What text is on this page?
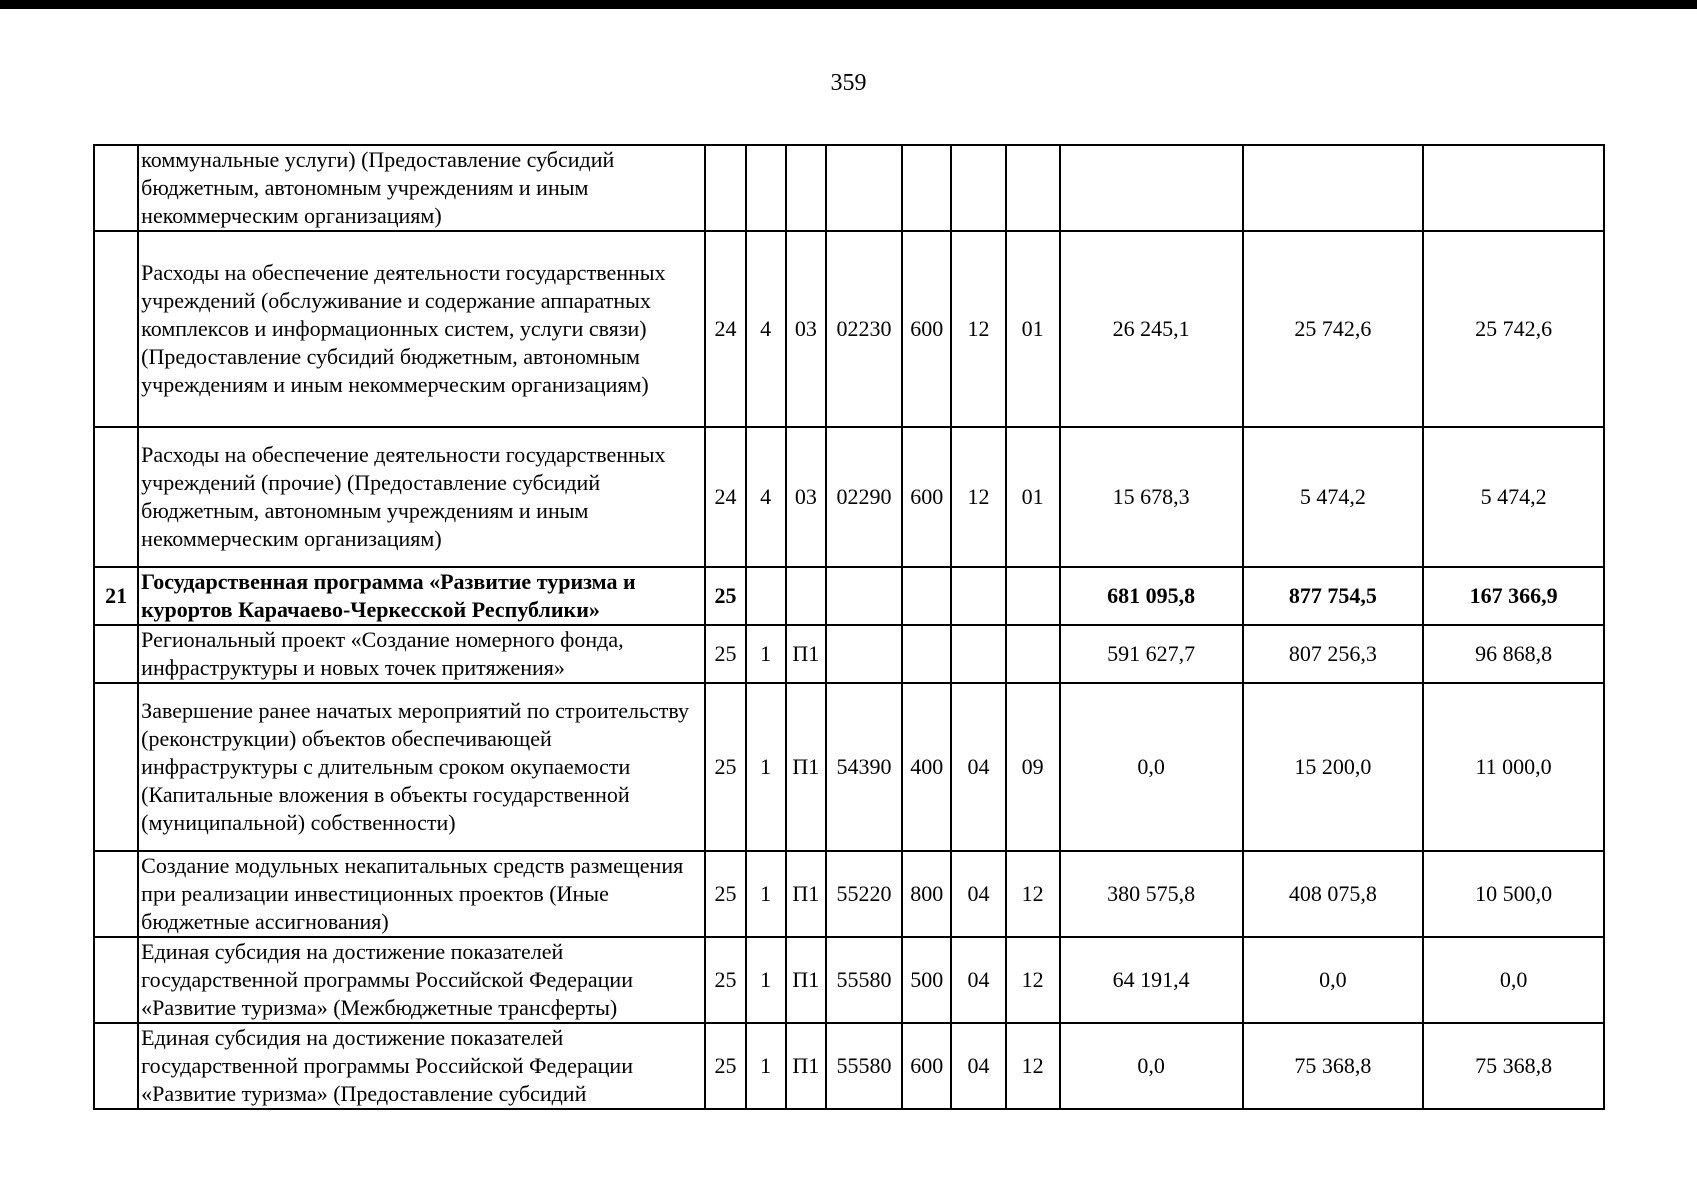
359
	коммунальные услуги) (Предоставление субсидий бюджетным, автономным учреждениям и иным некоммерческим организациям)										
	Расходы на обеспечение деятельности государственных учреждений (обслуживание и содержание аппаратных комплексов и информационных систем, услуги связи) (Предоставление субсидий бюджетным, автономным учреждениям и иным некоммерческим организациям)	24	4	03	02230	600	12	01	26 245,1	25 742,6	25 742,6
	Расходы на обеспечение деятельности государственных учреждений (прочие) (Предоставление субсидий бюджетным, автономным учреждениям и иным некоммерческим организациям)	24	4	03	02290	600	12	01	15 678,3	5 474,2	5 474,2
21	Государственная программа «Развитие туризма и курортов Карачаево-Черкесской Республики»	25							681 095,8	877 754,5	167 366,9
	Региональный проект «Создание номерного фонда, инфраструктуры и новых точек притяжения»	25	1	П1					591 627,7	807 256,3	96 868,8
	Завершение ранее начатых мероприятий по строительству (реконструкции) объектов обеспечивающей инфраструктуры с длительным сроком окупаемости (Капитальные вложения в объекты государственной (муниципальной) собственности)	25	1	П1	54390	400	04	09	0,0	15 200,0	11 000,0
	Создание модульных некапитальных средств размещения при реализации инвестиционных проектов (Иные бюджетные ассигнования)	25	1	П1	55220	800	04	12	380 575,8	408 075,8	10 500,0
	Единая субсидия на достижение показателей государственной программы Российской Федерации «Развитие туризма» (Межбюджетные трансферты)	25	1	П1	55580	500	04	12	64 191,4	0,0	0,0
	Единая субсидия на достижение показателей государственной программы Российской Федерации «Развитие туризма» (Предоставление субсидий	25	1	П1	55580	600	04	12	0,0	75 368,8	75 368,8
